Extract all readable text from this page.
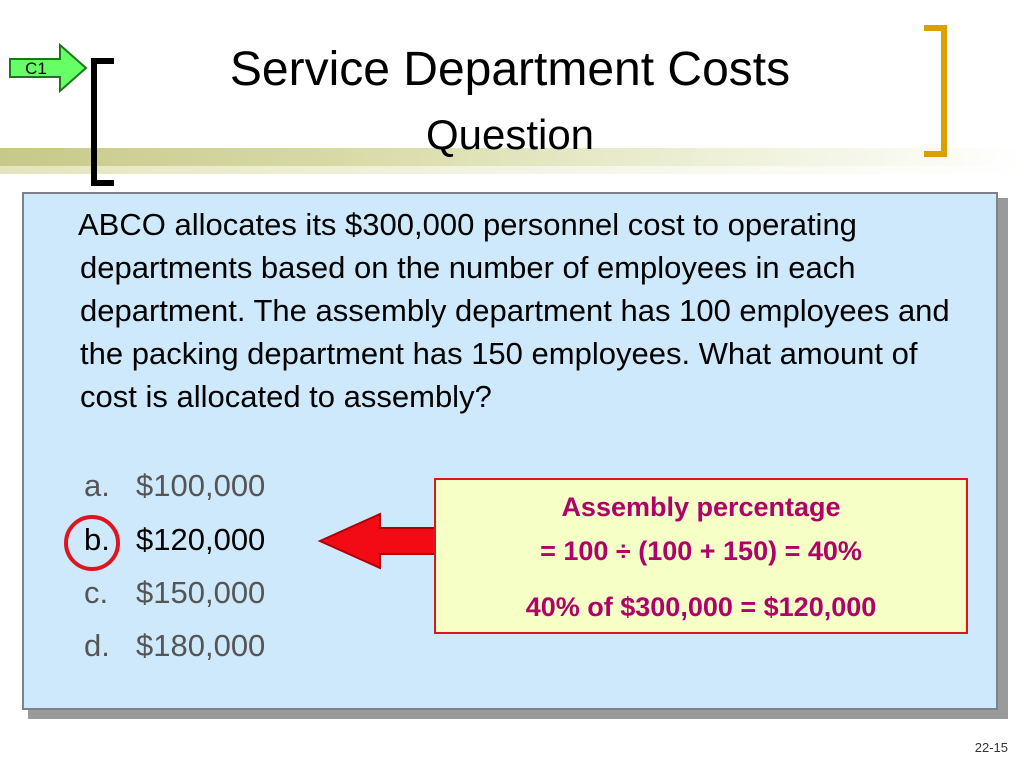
C1	Service Department Costs
Question
ABCO allocates its $300,000 personnel cost to operating departments based on the number of employees in each department. The assembly department has 100 employees and the packing department has 150 employees. What amount of cost is allocated to assembly?
a. $100,000
b. $120,000
c. $150,000
d. $180,000
Assembly percentage
= 100 ÷ (100 + 150) = 40%
40% of $300,000 = $120,000
22-15
